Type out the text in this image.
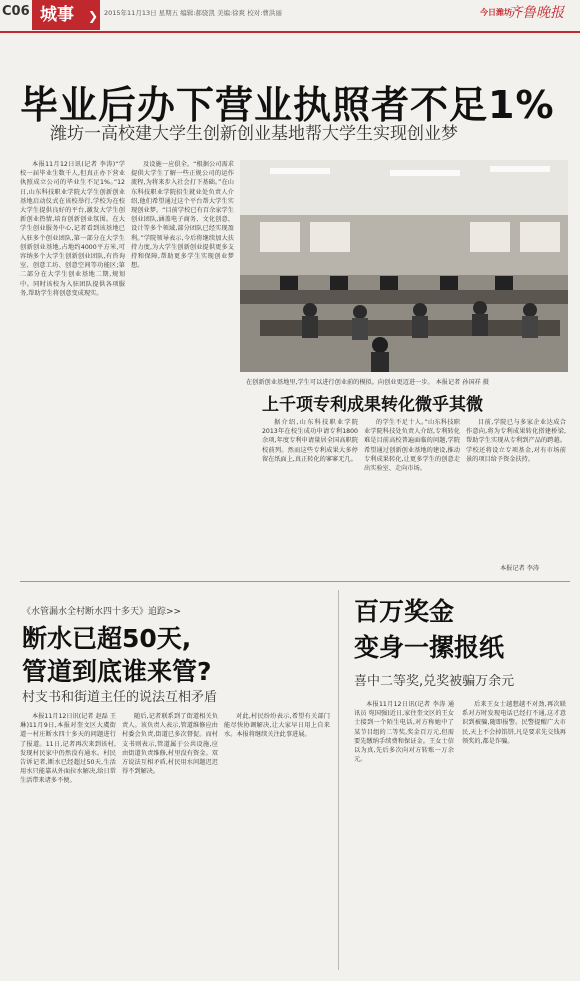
C06 城事	❯ 2015年11月13日 星期五 编辑:郝骁凯 美编:徐爽 校对:曹洪丽	今日潍坊
齐鲁晚报
毕业后办下营业执照者不足1%
潍坊一高校建大学生创新创业基地帮大学生实现创业梦

本报11月12日讯(记者 李涛)“学校一届毕业生数千人,但真正办下营业执照成立公司的毕业生不足1%。”12日,山东科技职业学院大学生创新创业基地启动仪式在该校举行,学校为在校大学生提供良好的平台,激发大学生创新创业热情,培育创新创业氛围。在大学生创业服务中心,记者看到该基地已入驻多个创业团队,第一部分在大学生创新创业基地,占地约4000平方米,可容纳多个大学生创新创业团队,有咨询室、创意工坊、创意空间等功能区;第二部分在大学生创业基地二期,规划中。同时该校为入驻团队提供各项服务,帮助学生将创意变成现实。

及设施一应俱全。“根据公司需求提供大学生了解一些正规公司的运作流程,为将来步入社会打下基础。”在山东科技职业学院招生就业处负责人介绍,他们希望通过这个平台帮大学生实现创业梦。“目前学校已有百余家学生创业团队,涵盖电子商务、文化创意、设计等多个领域,部分团队已经实现盈利。”学院领导表示,今后将继续加大扶持力度,为大学生创新创业提供更多支持和保障,帮助更多学生实现创业梦想。

在创新创业基地里,学生可以进行创业前的模拟。向创业更迈进一步。 本报记者 孙国祥 摄
上千项专利成果转化微乎其微

据介绍,山东科技职业学院2013年在校生成功申请专利1800余项,年度专利申请量居全国高职院校前列。然而这些专利成果大多停留在纸面上,真正转化的寥寥无几。

的学生不足十人。”山东科技职业学院科技处负责人介绍,专利转化难是目前高校普遍面临的问题,学院希望通过创新创业基地的建设,推动专利成果转化,让更多学生的创意走出实验室、走向市场。

目前,学院已与多家企业达成合作意向,将为专利成果转化搭建桥梁,帮助学生实现从专利到产品的跨越。学校还将设立专项基金,对有市场前景的项目给予资金扶持。

本报记者 李涛
《水管漏水全村断水四十多天》追踪>>
断水已超50天,
管道到底谁来管?
村支书和街道主任的说法互相矛盾

本报11月12日讯(记者 赵磊 王琳)11月9日,本报对奎文区大虞街道一村庄断水四十多天的问题进行了报道。11日,记者再次来到该村,发现村民家中仍然没有通水。村民告诉记者,断水已经超过50天,生活用水只能靠从外面拉水解决,给日常生活带来诸多不便。

随后,记者联系到了街道相关负责人。该负责人表示,管道维修应由村委会负责,街道已多次督促。而村支书则表示,管道属于公共设施,应由街道负责维修,村里没有资金。双方说法互相矛盾,村民用水问题迟迟得不到解决。

对此,村民纷纷表示,希望有关部门能尽快协调解决,让大家早日用上自来水。本报将继续关注此事进展。

百万奖金
变身一摞报纸
喜中二等奖,兑奖被骗万余元

本报11月12日讯(记者 李涛 通讯员 宛国强)近日,家住奎文区的王女士接到一个陌生电话,对方称她中了某节目组的二等奖,奖金百万元,但需要先缴纳手续费和保证金。王女士信以为真,先后多次向对方转账一万余元。

后来王女士越想越不对劲,再次联系对方时发现电话已经打不通,这才意识到被骗,随即报警。民警提醒广大市民,天上不会掉馅饼,凡是要求先交钱再领奖的,都是诈骗。
